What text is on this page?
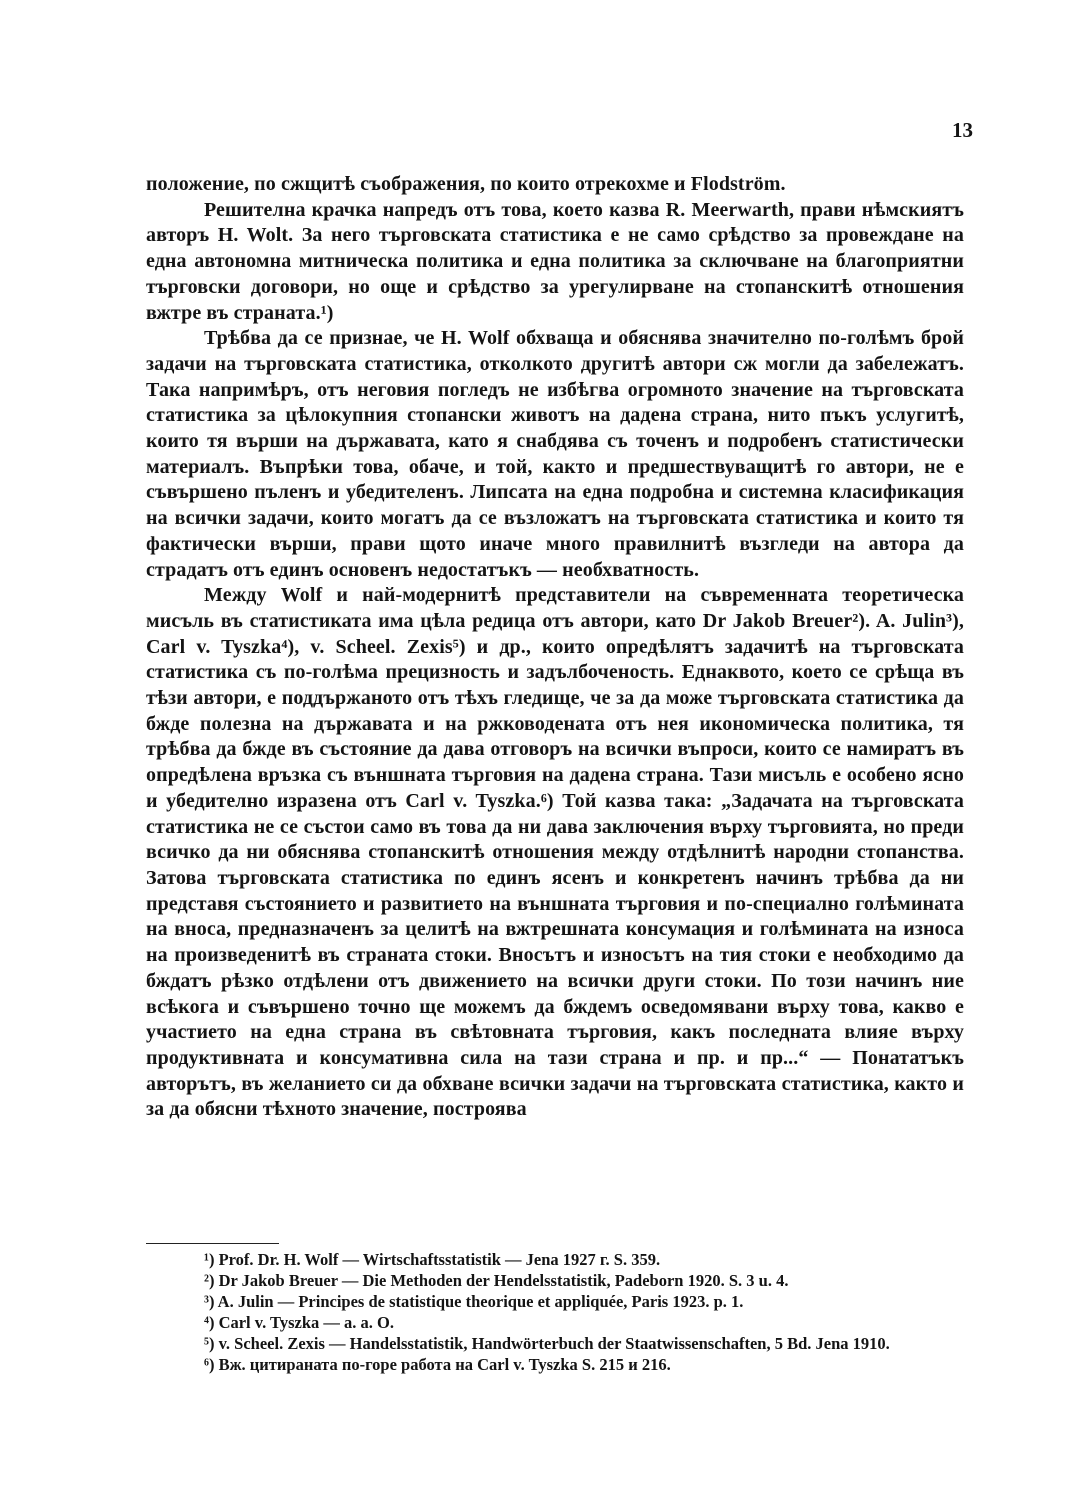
13

положение, по сжщитѣ съображения, по които отрекохме и Flodström.

Решителна крачка напредъ отъ това, което казва R. Meerwarth, прави нѣмскиятъ авторъ H. Wolt. За него търговската статистика е не само срѣдство за провеждане на една автономна митническа политика и една политика за сключване на благоприятни търговски договори, но още и срѣдство за урегулирване на стопанскитѣ отношения вжтре въ страната.¹)

Трѣбва да се признае, че H. Wolf обхваща и обяснява значително по-голѣмъ брой задачи на търговската статистика, отколкото другитѣ автори сж могли да забележатъ. Така напримѣръ, отъ неговия погледъ не избѣгва огромното значение на търговската статистика за цѣлокупния стопански животъ на дадена страна, нито пъкъ услугитѣ, които тя върши на държавата, като я снабдява съ точенъ и подробенъ статистически материалъ. Въпрѣки това, обаче, и той, както и предшествуващитѣ го автори, не е съвършено пъленъ и убедителенъ. Липсата на една подробна и системна класификация на всички задачи, които могатъ да се възложатъ на търговската статистика и които тя фактически върши, прави щото иначе много правилнитѣ възгледи на автора да страдатъ отъ единъ основенъ недостатъкъ — необхватность.

Между Wolf и най-модернитѣ представители на съвременната теоретическа мисъль въ статистиката има цѣла редица отъ автори, като Dr Jakob Breuer²). A. Julin³), Carl v. Tyszka⁴), v. Scheel. Zexis⁵) и др., които опредѣлятъ задачитѣ на търговската статистика съ по-голѣма прецизность и задълбоченость. Еднаквото, което се срѣща въ тѣзи автори, е поддържаното отъ тѣхъ гледище, че за да може търговската статистика да бжде полезна на държавата и на ржководената отъ нея икономическа политика, тя трѣбва да бжде въ състояние да дава отговоръ на всички въпроси, които се намиратъ въ опредѣлена връзка съ външната търговия на дадена страна. Тази мисъль е особено ясно и убедително изразена отъ Carl v. Tyszka.⁶) Той казва така: „Задачата на търговската статистика не се състои само въ това да ни дава заключения върху търговията, но преди всичко да ни обяснява стопанскитѣ отношения между отдѣлнитѣ народни стопанства. Затова търговската статистика по единъ ясенъ и конкретенъ начинъ трѣбва да ни представя състоянието и развитието на външната търговия и по-специално голѣмината на вноса, предназначенъ за целитѣ на вжтрешната консумация и голѣмината на износа на произведенитѣ въ страната стоки. Вносътъ и износътъ на тия стоки е необходимо да бждатъ рѣзко отдѣлени отъ движението на всички други стоки. По този начинъ ние всѣкога и съвършено точно ще можемъ да бждемъ осведомявани върху това, какво е участието на една страна въ свѣтовната търговия, какъ последната влияе върху продуктивната и консумативна сила на тази страна и пр. и пр...“ — Понататъкъ авторътъ, въ желанието си да обхване всички задачи на търговската статистика, както и за да обясни тѣхното значение, построява

¹) Prof. Dr. H. Wolf — Wirtschaftsstatistik — Jena 1927 г. S. 359.

²) Dr Jakob Breuer — Die Methoden der Hendelsstatistik, Padeborn 1920. S. 3 u. 4.

³) A. Julin — Principes de statistique theorique et appliquée, Paris 1923. p. 1.

⁴) Carl v. Tyszka — a. a. O.

⁵) v. Scheel. Zexis — Handelsstatistik, Handwörterbuch der Staatwissenschaften, 5 Bd. Jena 1910.

⁶) Вж. цитираната по-горе работа на Carl v. Tyszka S. 215 и 216.
